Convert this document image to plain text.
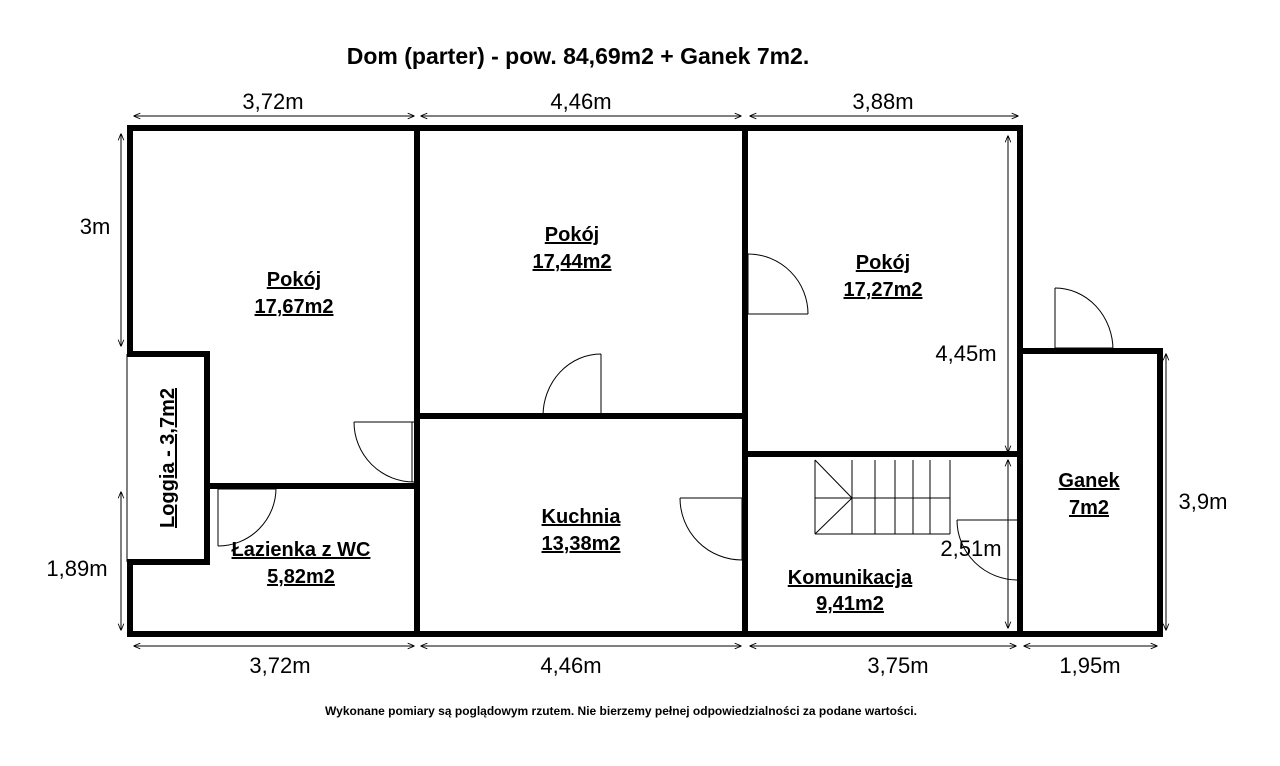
Dom (parter) - pow. 84,69m2 + Ganek 7m2.
3,72m	4,46m	3,88m
3m
1,89m
3,72m	4,46m	3,75m	1,95m
4,45m
2,51m
3,9m
Pokój
17,67m2
Pokój
17,44m2	Pokój
17,27m2
Łazienka z WC
5,82m2
Kuchnia
13,38m2
Komunikacja
9,41m2
Ganek
7m2
Loggia - 3,7m2
Wykonane pomiary są poglądowym rzutem. Nie bierzemy pełnej odpowiedzialności za podane wartości.
